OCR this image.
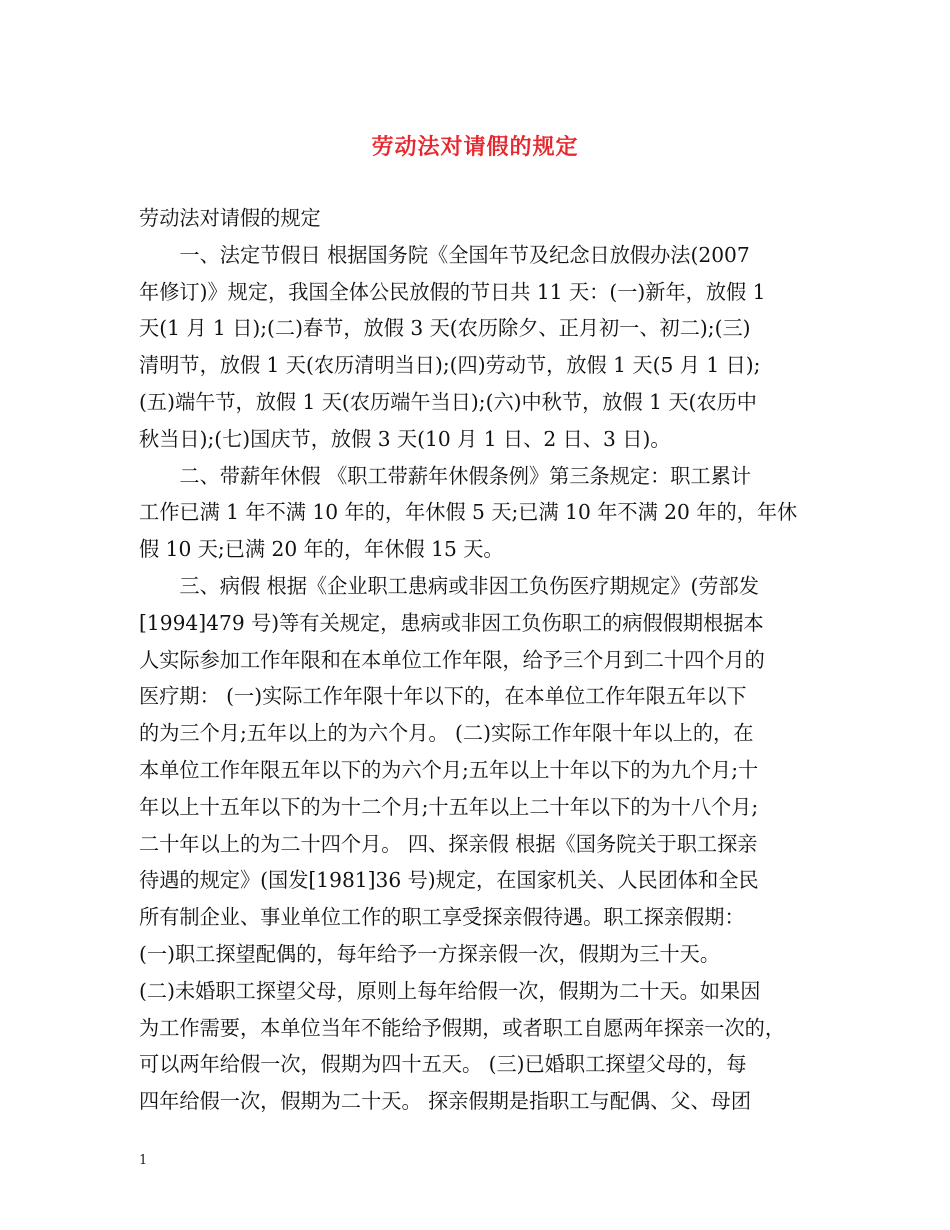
劳动法对请假的规定
劳动法对请假的规定
　　一、法定节假日 根据国务院《全国年节及纪念日放假办法(2007
年修订)》规定，我国全体公民放假的节日共 11 天：(一)新年，放假 1
天(1 月 1 日);(二)春节，放假 3 天(农历除夕、正月初一、初二);(三)
清明节，放假 1 天(农历清明当日);(四)劳动节，放假 1 天(5 月 1 日);
(五)端午节，放假 1 天(农历端午当日);(六)中秋节，放假 1 天(农历中
秋当日);(七)国庆节，放假 3 天(10 月 1 日、2 日、3 日)。
　　二、带薪年休假 《职工带薪年休假条例》第三条规定：职工累计
工作已满 1 年不满 10 年的，年休假 5 天;已满 10 年不满 20 年的，年休
假 10 天;已满 20 年的，年休假 15 天。
　　三、病假 根据《企业职工患病或非因工负伤医疗期规定》(劳部发
[1994]479 号)等有关规定，患病或非因工负伤职工的病假假期根据本
人实际参加工作年限和在本单位工作年限，给予三个月到二十四个月的
医疗期： (一)实际工作年限十年以下的，在本单位工作年限五年以下
的为三个月;五年以上的为六个月。 (二)实际工作年限十年以上的，在
本单位工作年限五年以下的为六个月;五年以上十年以下的为九个月;十
年以上十五年以下的为十二个月;十五年以上二十年以下的为十八个月;
二十年以上的为二十四个月。 四、探亲假 根据《国务院关于职工探亲
待遇的规定》(国发[1981]36 号)规定，在国家机关、人民团体和全民
所有制企业、事业单位工作的职工享受探亲假待遇。职工探亲假期：
(一)职工探望配偶的，每年给予一方探亲假一次，假期为三十天。
(二)未婚职工探望父母，原则上每年给假一次，假期为二十天。如果因
为工作需要，本单位当年不能给予假期，或者职工自愿两年探亲一次的，
可以两年给假一次，假期为四十五天。 (三)已婚职工探望父母的，每
四年给假一次，假期为二十天。 探亲假期是指职工与配偶、父、母团
1
